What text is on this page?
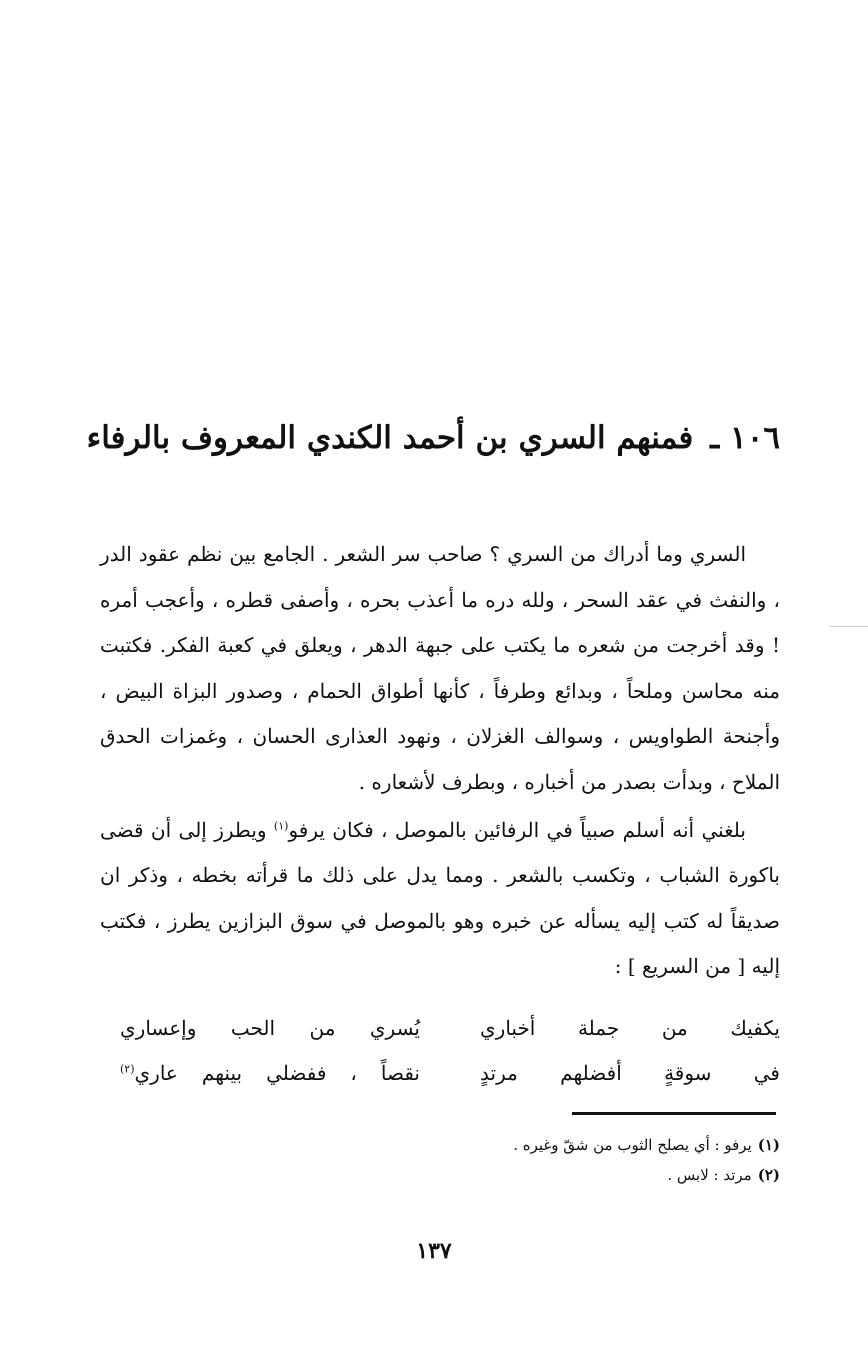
١٠٦ ـ فمنهم السري بن أحمد الكندي المعروف بالرفاء

السري وما أدراك من السري ؟ صاحب سر الشعر . الجامع بين نظم عقود الدر ، والنفث في عقد السحر ، ولله دره ما أعذب بحره ، وأصفى قطره ، وأعجب أمره ! وقد أخرجت من شعره ما يكتب على جبهة الدهر ، ويعلق في كعبة الفكر. فكتبت منه محاسن وملحاً ، وبدائع وطرفاً ، كأنها أطواق الحمام ، وصدور البزاة البيض ، وأجنحة الطواويس ، وسوالف الغزلان ، ونهود العذارى الحسان ، وغمزات الحدق الملاح ، وبدأت بصدر من أخباره ، وبطرف لأشعاره .

بلغني أنه أسلم صبياً في الرفائين بالموصل ، فكان يرفو$^{(١)}$ ويطرز إلى أن قضى باكورة الشباب ، وتكسب بالشعر . ومما يدل على ذلك ما قرأته بخطه ، وذكر ان صديقاً له كتب إليه يسأله عن خبره وهو بالموصل في سوق البزازين يطرز ، فكتب إليه [ من السريع ] :

يكفيك من جملة أخباري
يُسري من الحب وإعساري
في سوقةٍ أفضلهم مرتدٍ
نقصاً ، ففضلي بينهم عاري$^{(٢)}$

(١)يرفو : أي يصلح الثوب من شقّ وغيره .

(٢)مرتد : لابس .

١٣٧
